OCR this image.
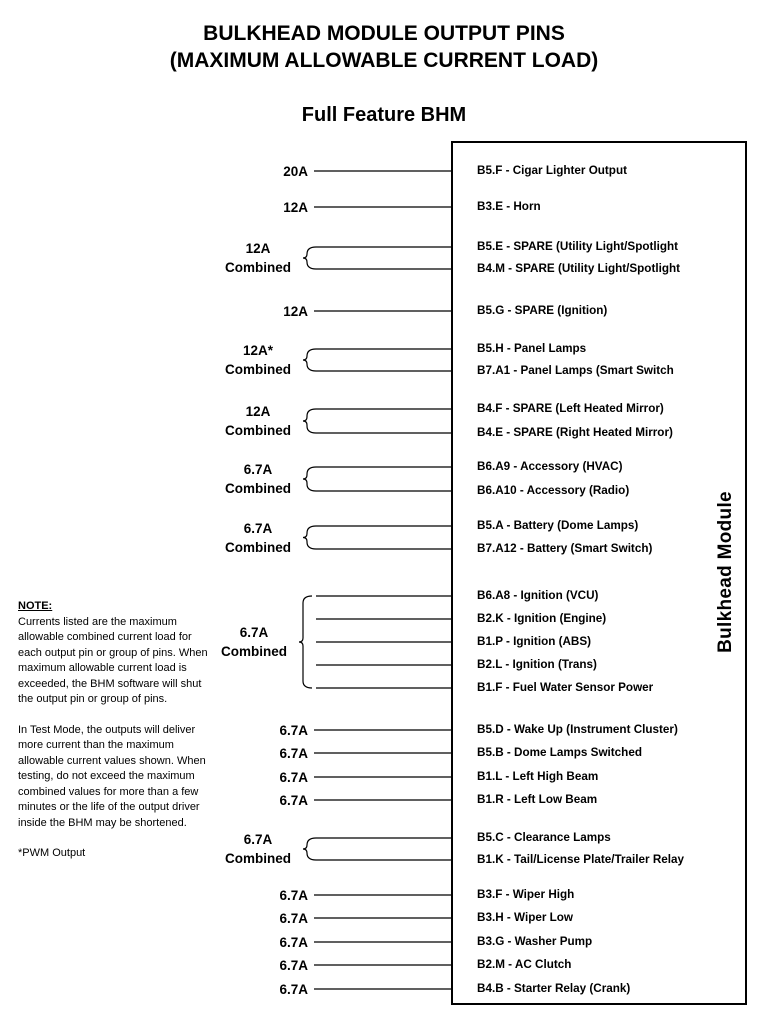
BULKHEAD MODULE OUTPUT PINS
(MAXIMUM ALLOWABLE CURRENT LOAD)
Full Feature BHM
Bulkhead Module
B5.F - Cigar Lighter Output
20A
B3.E - Horn
12A
B5.E - SPARE (Utility Light/Spotlight
B4.M - SPARE (Utility Light/Spotlight
12A
Combined
B5.G - SPARE (Ignition)
12A
B5.H - Panel Lamps
B7.A1 - Panel Lamps (Smart Switch
12A*
Combined
B4.F - SPARE (Left Heated Mirror)
B4.E - SPARE (Right Heated Mirror)
12A
Combined
B6.A9 - Accessory (HVAC)
B6.A10 - Accessory (Radio)
6.7A
Combined
B5.A - Battery (Dome Lamps)
B7.A12 - Battery (Smart Switch)
6.7A
Combined
B6.A8 - Ignition (VCU)
B2.K - Ignition (Engine)
B1.P - Ignition (ABS)
B2.L - Ignition (Trans)
B1.F - Fuel Water Sensor Power
6.7A
Combined
B5.D - Wake Up (Instrument Cluster)
6.7A
B5.B - Dome Lamps Switched
6.7A
B1.L - Left High Beam
6.7A
B1.R - Left Low Beam
6.7A
B5.C - Clearance Lamps
B1.K - Tail/License Plate/Trailer Relay
6.7A
Combined
B3.F - Wiper High
6.7A
B3.H - Wiper Low
6.7A
B3.G - Washer Pump
6.7A
B2.M - AC Clutch
6.7A
B4.B - Starter Relay (Crank)
6.7A

NOTE:

Currents listed are the maximum allowable combined current load for each output pin or group of pins. When maximum allowable current load is exceeded, the BHM software will shut the output pin or group of pins.

In Test Mode, the outputs will deliver more current than the maximum allowable current values shown. When testing, do not exceed the maximum combined values for more than a few minutes or the life of the output driver inside the BHM may be shortened.

*PWM Output
